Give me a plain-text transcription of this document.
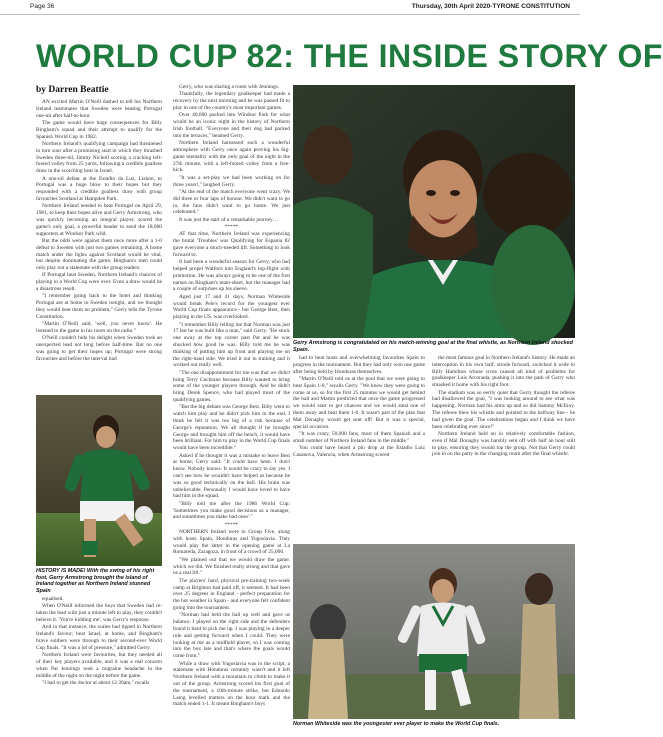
Page 36	Thursday, 30th April 2020-TYRONE CONSTITUTION
WORLD CUP 82: THE INSIDE STORY OF
by Darren Beattie

AN excited Martin O'Neill dashed to tell his Northern Ireland teammates that Sweden were beating Portugal one-nil after half-at-hour.

The game would have huge consequences for Billy Bingham's squad and their attempt to qualify for the Spanish World Cup in 1982.

Northern Ireland's qualifying campaign had threatened to turn sour after a promising start in which they thrashed Sweden three-nil, Jimmy Nicholl scoring a cracking left-footed volley from 25 yards, following a credible goalless draw in the scorching heat in Israel.

A one-nil defeat at the Estadio da Luz, Lisbon, to Portugal was a huge blow to their hopes but they responded with a credible goalless draw with group favourites Scotland at Hampden Park.

Northern Ireland needed to beat Portugal on April 29, 1981, to keep their hopes alive and Gerry Armstrong, who was quickly becoming an integral player, scored the game's only goal, a powerful header to send the 18,000 supporters at Windsor Park wild.

But the odds were against them once more after a 1-0 defeat to Sweden with just two games remaining. A home match under the lights against Scotland would be vital, but despite dominating the game, Bingham's men could only play out a stalemate with the group leaders.

If Portugal beat Sweden, Northern Ireland's chances of playing in a World Cup were over. Even a draw would be a disastrous result.

"I remember going back to the hotel and thinking Portugal are at home to Sweden tonight, and we thought they would beat them no problem," Gerry tells the Tyrone Constitution.

"Martin O'Neill said, 'well, you never know'. He listened to the game in his room on the radio."

O'Neill couldn't hide his delight when Sweden took an unexpected lead not long before half-time. But no one was going to get their hopes up; Portugal were strong favourites and before the interval had

HISTORY IS MADE! With the swing of his right foot, Gerry Armstrong brought the island of Ireland together as Northern Ireland stunned Spain

equalised.

When O'Neill informed the boys that Sweden had re-taken the lead with just a minute left to play, they couldn't believe it. 'You're kidding me', was Gerry's response.

And in that instance, the scales had tipped in Northern Ireland's favour; beat Israel, at home, and Bingham's brave soldiers were through to their second-ever World Cup finals. "It was a lot of pressure," admitted Gerry.

Northern Ireland were favourites, but they needed all of their key players available, and it was a real concern when Pat Jennings took a migraine headache in the middle of the night on the night before the game.

"I had to get the doctor at about 12.30am," recalls

Gerry, who was sharing a room with Jennings.

Thankfully, the legendary goalkeeper had made a recovery by the next morning and he was passed fit to play in one of the country's most important games.

Over 40,000 packed into Windsor Park for what would be an iconic night in the history of Northern Irish football. "Everyone and their dog had packed into the terraces," beamed Gerry.

Northern Ireland harnessed such a wonderful atmosphere with Gerry once again proving his big-game mentality with the only goal of the night in the 27th minute, with a left-footed volley from a free-kick.

"It was a set-play we had been working on for three years!," laughed Gerry.

"At the end of the match everyone went crazy. We did three or four laps of honour. We didn't want to go in, the fans didn't want to go home. We just celebrated."

It was just the start of a remarkable journey…

*****

AT that time, Northern Ireland was experiencing the brutal 'Troubles' was Qualifying for Espania 82 gave everyone a much-needed lift. Something to look forward to.

It had been a wonderful season for Gerry, who had helped propel Watford into England's top-flight with promotion. He was always going to be one of the first names on Bingham's team-sheet, but the manager had a couple of surprises up his sleeve.

Aged just 17 and 41 days, Norman Whiteside would break Pele's record for the youngest ever World Cup finals appearance - but George Best, then playing in the US, was overlooked.

"I remember Billy telling me that Norman was just 17 but he was built like a man," said Gerry. "He stuck one away at the top corner past Pat and he was shocked how good he was. Billy told me he was thinking of putting him up front and playing me on the right-hand side. We tried it out in training and it worked out really well.

"The one disappointment for me was that we didn't bring Terry Cochrane because Billy wanted to bring some of the younger players through. And he didn't bring Derek Spence, who had played most of the qualifying games.

"But the big debate was George Best. Billy went to watch him play and he didn't pick him in the end. I think he felt it was too big of a risk because of George's reputation. We all thought if he brought George and brought him off the bench, it would have been brilliant. For him to play in the World Cup finals would have been incredible."

Asked if he thought it was a mistake to leave Best at home, Gerry said: "It could have been. I don't know. Nobody knows. It would be crazy to say yes. I can't see how he wouldn't have helped us because he was so good technically on the ball. His brain was unbelievable. Personally I would have loved to have had him in the squad.

"Billy told me after the 1986 World Cup: 'Sometimes you make good decisions as a manager, and sometimes you make bad ones'."

*****

NORTHERN Ireland were in Group Five, along with hosts Spain, Honduras and Yugoslavia. They would play the latter in the opening game at La Romareda, Zaragoza, in front of a crowd of 25,000.

"We plained out that we would draw the game, which we did. We finished really strong and that gave us a real lift."

The players' hard, physical pre-training two-week camp at Brighton had paid off, it seemed. It had been over 25 degrees in England - perfect preparation for the hot weather in Spain - and everyone felt confident going into the tournament.

"Norman had held the ball up well and gave us balance. I played on the right side and the defenders found it hard to pick me up. I was playing in a deeper role and getting forward when I could. They were looking at me as a midfield player, so I was coming into the box late and that's where the goals would come from."

While a draw with Yugoslavia was in the script, a stalemate with Honduras certainly wasn't and it left Northern Ireland with a mountain to climb to make it out of the group. Armstrong scored his first goal of the tournament, a 10th-minute strike, but Eduardo Laing levelled matters on the hour mark and the match ended 1-1. It meant Bingham's boys

Gerry Armstrong is congratulated on his match-winning goal at the final whistle, as Northern Ireland shocked Spain.

had to beat hosts and overwhelming favourites Spain to progress in the tournament. But they had only won one game after being held by Honduras themselves.

"Martin O'Neill told us at the pool that we were going to beat Spain 1-0," recalls Gerry. "We knew they were going to come at us, so for the first 25 minutes we would get behind the ball and Martin predicted that once the game progressed we would start to get chances and we would steal one of them away and beat them 1-0. It wasn't part of the plan that Mal Donaghy would get sent off! But it was a special, special occasion.

"It was crazy, 50,000 fans, most of them Spanish and a small number of Northern Ireland fans in the middle."

You could have heard a pin drop at the Estadio Luiz Casanova, Valencia, when Armstrong scored

the most famous goal in Northern Ireland's history. He made an interception in his own half, strode forward, switched it wide to Billy Hamilton whose cross caused all kind of problems for goalkeeper Luis Arconada, pushing it into the path of Gerry who smashed it home with his right foot.

The stadium was so eerily quiet that Gerry thought the referee had disallowed the goal, "I was looking around to see what was happening. Norman had his arms up and so did Sammy McIlroy. The referee blew his whistle and pointed to the halfway line - he had given the goal. The celebrations began and I think we have been celebrating ever since!"

Northern Ireland held on in relatively comfortable fashion, even if Mal Donaghy was harshly sent off with half an hour still to play, ensuring they would top the group. Not that Gerry could join in on the party in the changing room after the final whistle.

Norman Whiteside was the youngester ever player to make the World Cup finals.
